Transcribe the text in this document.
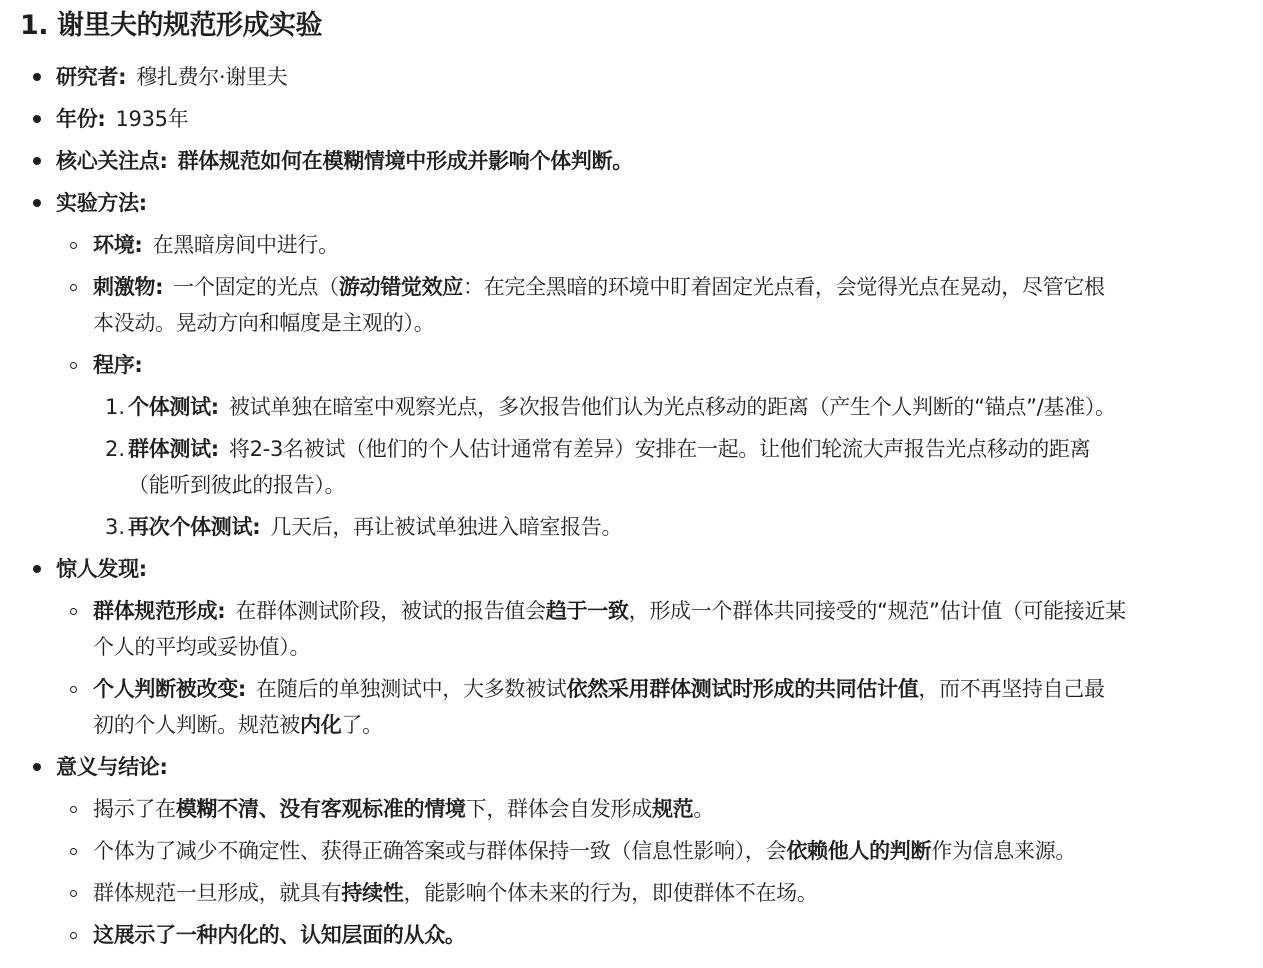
1. 谢里夫的规范形成实验
研究者: 穆扎费尔·谢里夫
年份: 1935年
核心关注点: 群体规范如何在模糊情境中形成并影响个体判断。
实验方法:
环境: 在黑暗房间中进行。
刺激物: 一个固定的光点（游动错觉效应：在完全黑暗的环境中盯着固定光点看，会觉得光点在晃动，尽管它根
本没动。晃动方向和幅度是主观的）。
程序:
1. 个体测试: 被试单独在暗室中观察光点，多次报告他们认为光点移动的距离（产生个人判断的“锚点”/基准）。
2. 群体测试: 将2-3名被试（他们的个人估计通常有差异）安排在一起。让他们轮流大声报告光点移动的距离
（能听到彼此的报告）。
3. 再次个体测试: 几天后，再让被试单独进入暗室报告。
惊人发现:
群体规范形成: 在群体测试阶段，被试的报告值会趋于一致，形成一个群体共同接受的“规范”估计值（可能接近某
个人的平均或妥协值）。
个人判断被改变: 在随后的单独测试中，大多数被试依然采用群体测试时形成的共同估计值，而不再坚持自己最
初的个人判断。规范被内化了。
意义与结论:
揭示了在模糊不清、没有客观标准的情境下，群体会自发形成规范。
个体为了减少不确定性、获得正确答案或与群体保持一致（信息性影响），会依赖他人的判断作为信息来源。
群体规范一旦形成，就具有持续性，能影响个体未来的行为，即使群体不在场。
这展示了一种内化的、认知层面的从众。
